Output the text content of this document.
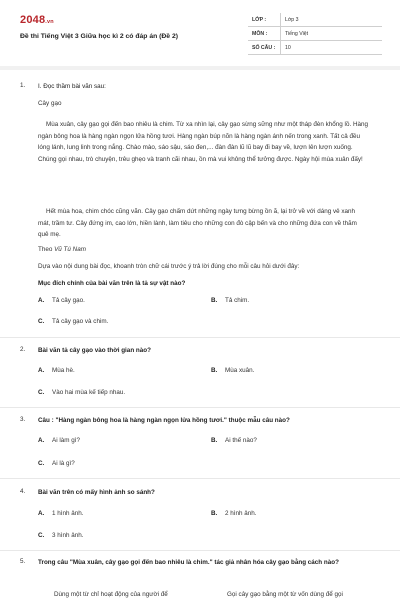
2048.vn
Đề thi Tiếng Việt 3 Giữa học kì 2 có đáp án (Đề 2)
LỚP :	Lớp 3
MÔN :	Tiếng Việt
SỐ CÂU :	10
1. I. Đọc thầm bài văn sau:
Cây gạo
Mùa xuân, cây gạo gọi đến bao nhiêu là chim. Từ xa nhìn lại, cây gạo sừng sững như một tháp đèn khổng lồ. Hàng ngàn bông hoa là hàng ngàn ngọn lửa hồng tươi. Hàng ngàn búp nõn là hàng ngàn ánh nến trong xanh. Tất cả đều lóng lánh, lung linh trong nắng. Chào mào, sáo sậu, sáo đen,... đàn đàn lũ lũ bay đi bay về, lượn lên lượn xuống. Chúng gọi nhau, trò chuyện, trêu ghẹo và tranh cãi nhau, ồn mà vui không thể tưởng được. Ngày hội mùa xuân đấy!
Hết mùa hoa, chim chóc cũng vãn. Cây gạo chấm dứt những ngày tưng bừng ồn ã, lại trở về với dáng vẻ xanh mát, trầm tư. Cây đứng im, cao lớn, hiền lành, làm tiêu cho những con đò cập bến và cho những đứa con về thăm quê mẹ.
Theo Vũ Tú Nam
Dựa vào nội dung bài đọc, khoanh tròn chữ cái trước ý trả lời đúng cho mỗi câu hỏi dưới đây:
Mục đích chính của bài văn trên là tả sự vật nào?
A. Tả cây gạo.	B. Tả chim.
C. Tả cây gạo và chim.
2. Bài văn tả cây gạo vào thời gian nào?
A. Mùa hè.	B. Mùa xuân.
C. Vào hai mùa kế tiếp nhau.
3. Câu : "Hàng ngàn bông hoa là hàng ngàn ngọn lửa hồng tươi." thuộc mẫu câu nào?
A. Ai làm gì?	B. Ai thế nào?
C. Ai là gì?
4. Bài văn trên có mấy hình ảnh so sánh?
A. 1 hình ảnh.	B. 2 hình ảnh.
C. 3 hình ảnh.
5. Trong câu "Mùa xuân, cây gạo gọi đến bao nhiêu là chim." tác giả nhân hóa cây gạo bằng cách nào?
Dùng một từ chỉ hoạt động của người để	Gọi cây gạo bằng một từ vốn dùng để gọi
